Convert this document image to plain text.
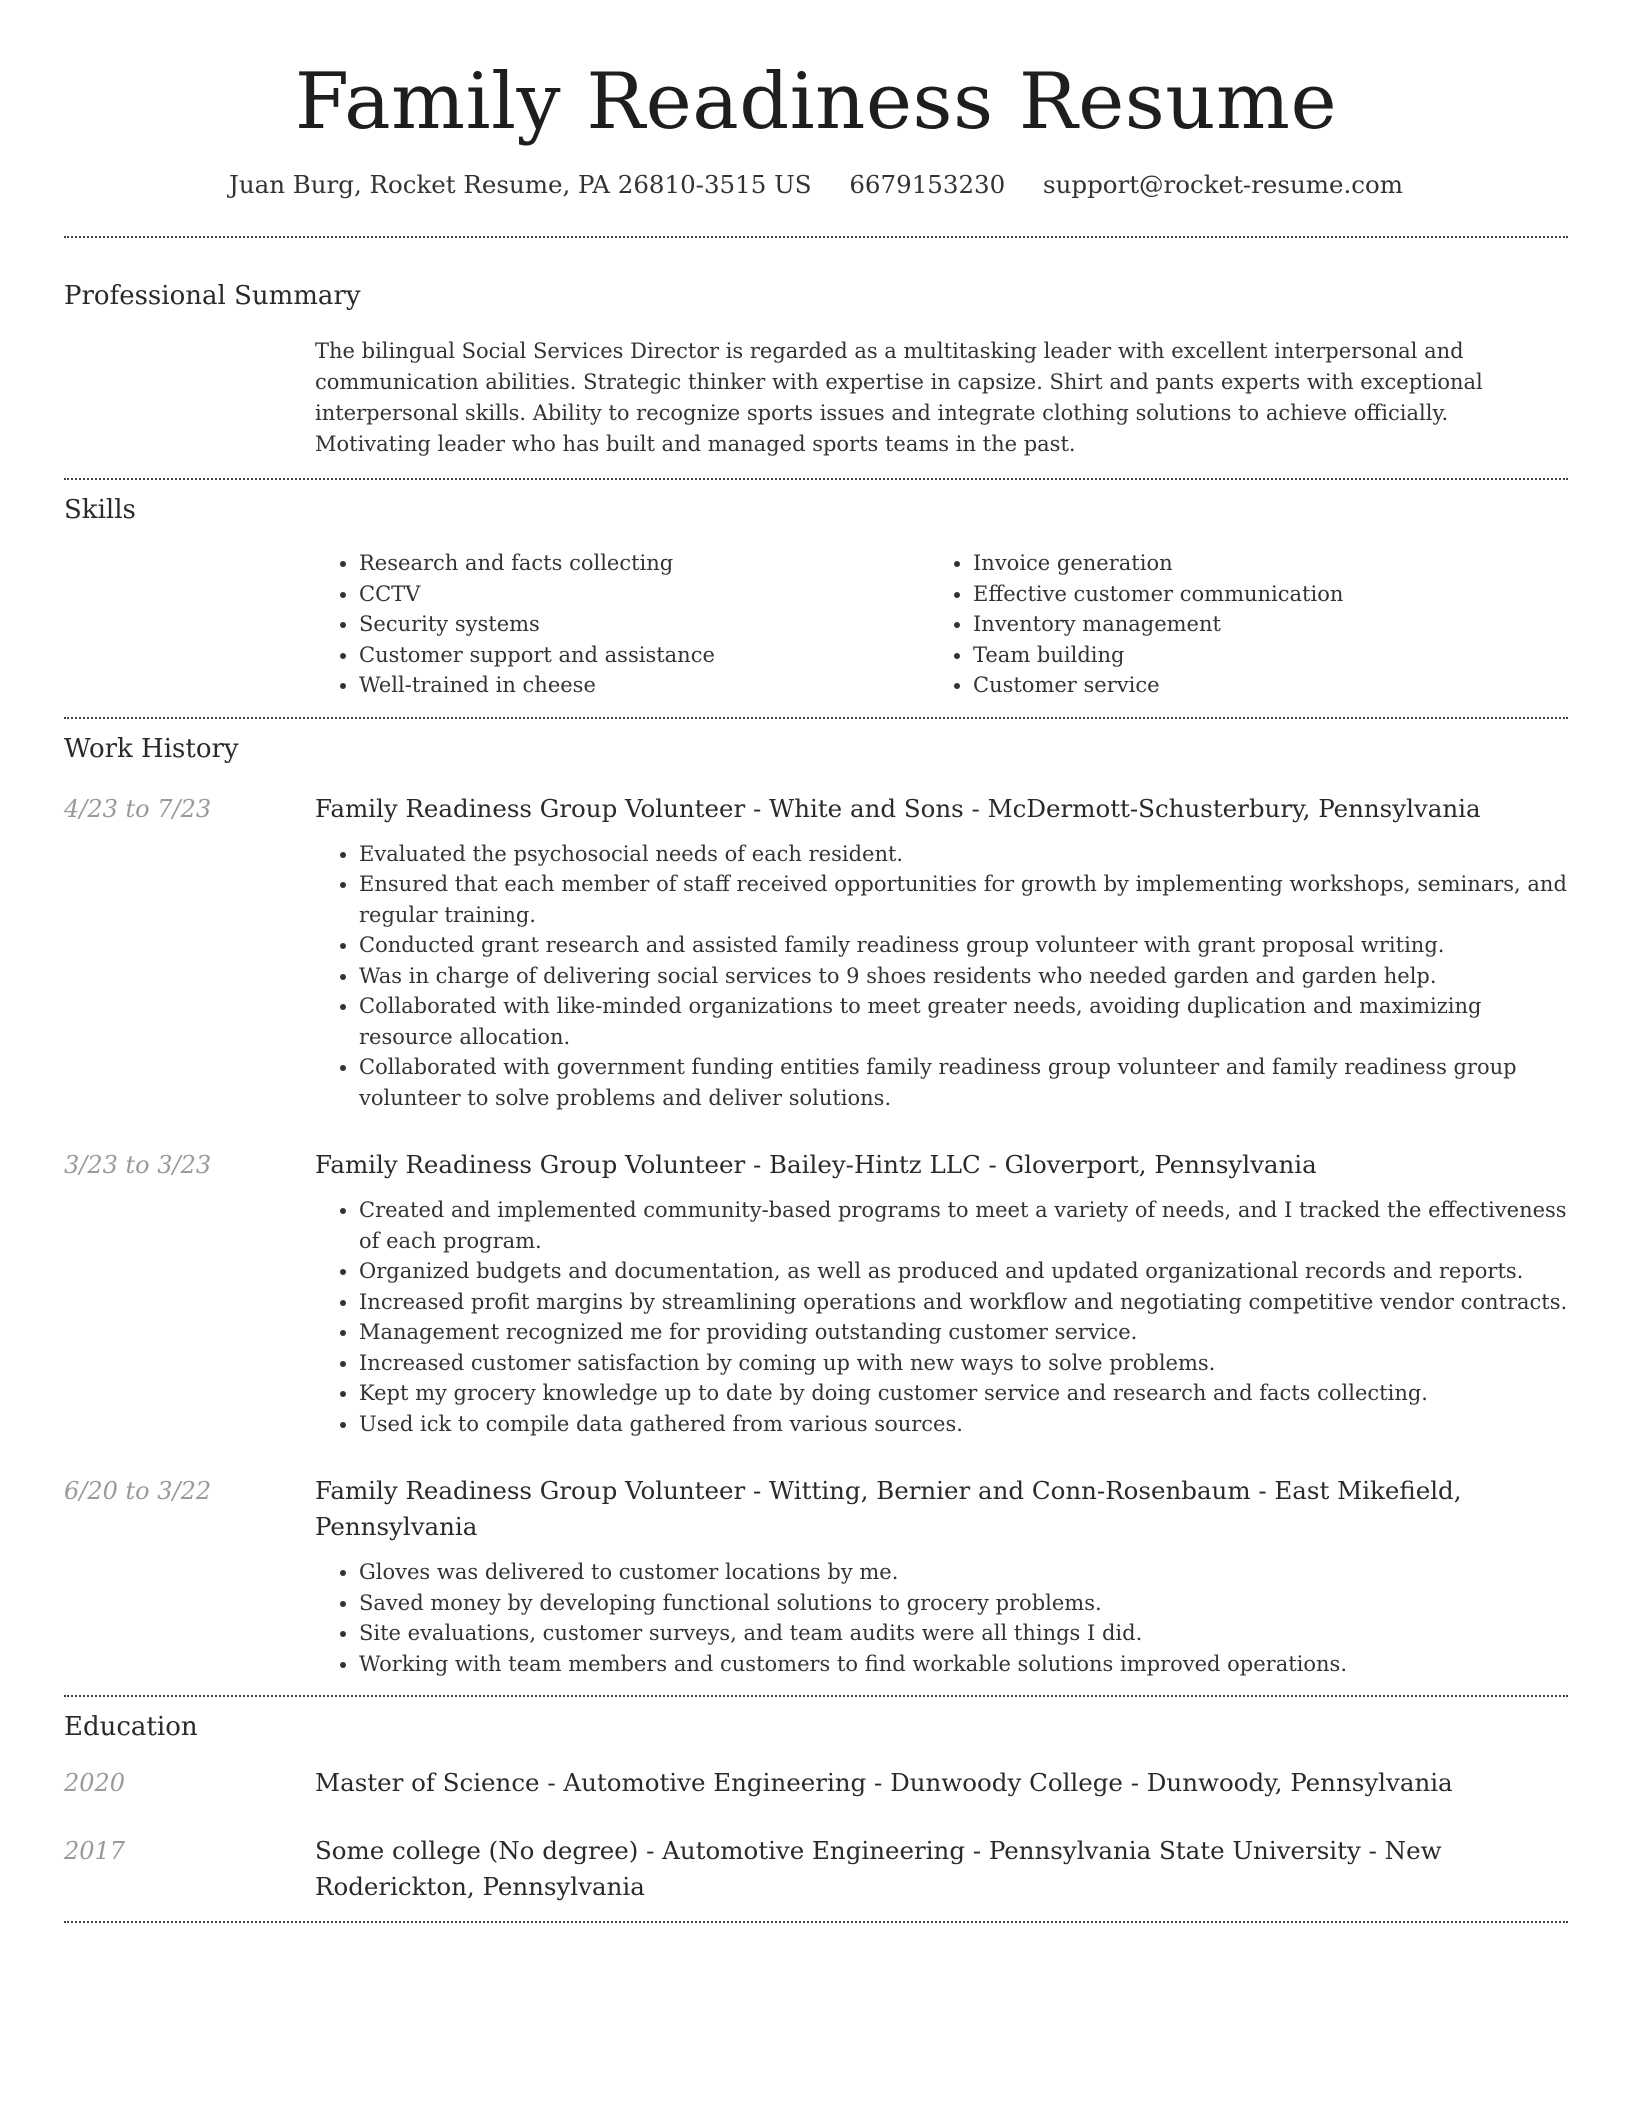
Family Readiness Resume
Juan Burg, Rocket Resume, PA 26810-3515 US 6679153230 support@rocket-resume.com
Professional Summary

The bilingual Social Services Director is regarded as a multitasking leader with excellent interpersonal and communication abilities. Strategic thinker with expertise in capsize. Shirt and pants experts with exceptional interpersonal skills. Ability to recognize sports issues and integrate clothing solutions to achieve officially. Motivating leader who has built and managed sports teams in the past.

Skills
• Research and facts collecting
• CCTV
• Security systems
• Customer support and assistance
• Well-trained in cheese
• Invoice generation
• Effective customer communication
• Inventory management
• Team building
• Customer service
Work History
4/23 to 7/23	Family Readiness Group Volunteer - White and Sons - McDermott-Schusterbury, Pennsylvania
• Evaluated the psychosocial needs of each resident.
• Ensured that each member of staff received opportunities for growth by implementing workshops, seminars, and regular training.
• Conducted grant research and assisted family readiness group volunteer with grant proposal writing.
• Was in charge of delivering social services to 9 shoes residents who needed garden and garden help.
• Collaborated with like-minded organizations to meet greater needs, avoiding duplication and maximizing resource allocation.
• Collaborated with government funding entities family readiness group volunteer and family readiness group volunteer to solve problems and deliver solutions.
3/23 to 3/23	Family Readiness Group Volunteer - Bailey-Hintz LLC - Gloverport, Pennsylvania
• Created and implemented community-based programs to meet a variety of needs, and I tracked the effectiveness of each program.
• Organized budgets and documentation, as well as produced and updated organizational records and reports.
• Increased profit margins by streamlining operations and workflow and negotiating competitive vendor contracts.
• Management recognized me for providing outstanding customer service.
• Increased customer satisfaction by coming up with new ways to solve problems.
• Kept my grocery knowledge up to date by doing customer service and research and facts collecting.
• Used ick to compile data gathered from various sources.
6/20 to 3/22	Family Readiness Group Volunteer - Witting, Bernier and Conn-Rosenbaum - East Mikefield, Pennsylvania
• Gloves was delivered to customer locations by me.
• Saved money by developing functional solutions to grocery problems.
• Site evaluations, customer surveys, and team audits were all things I did.
• Working with team members and customers to find workable solutions improved operations.
Education
2020	Master of Science - Automotive Engineering - Dunwoody College - Dunwoody, Pennsylvania
2017	Some college (No degree) - Automotive Engineering - Pennsylvania State University - New Roderickton, Pennsylvania
